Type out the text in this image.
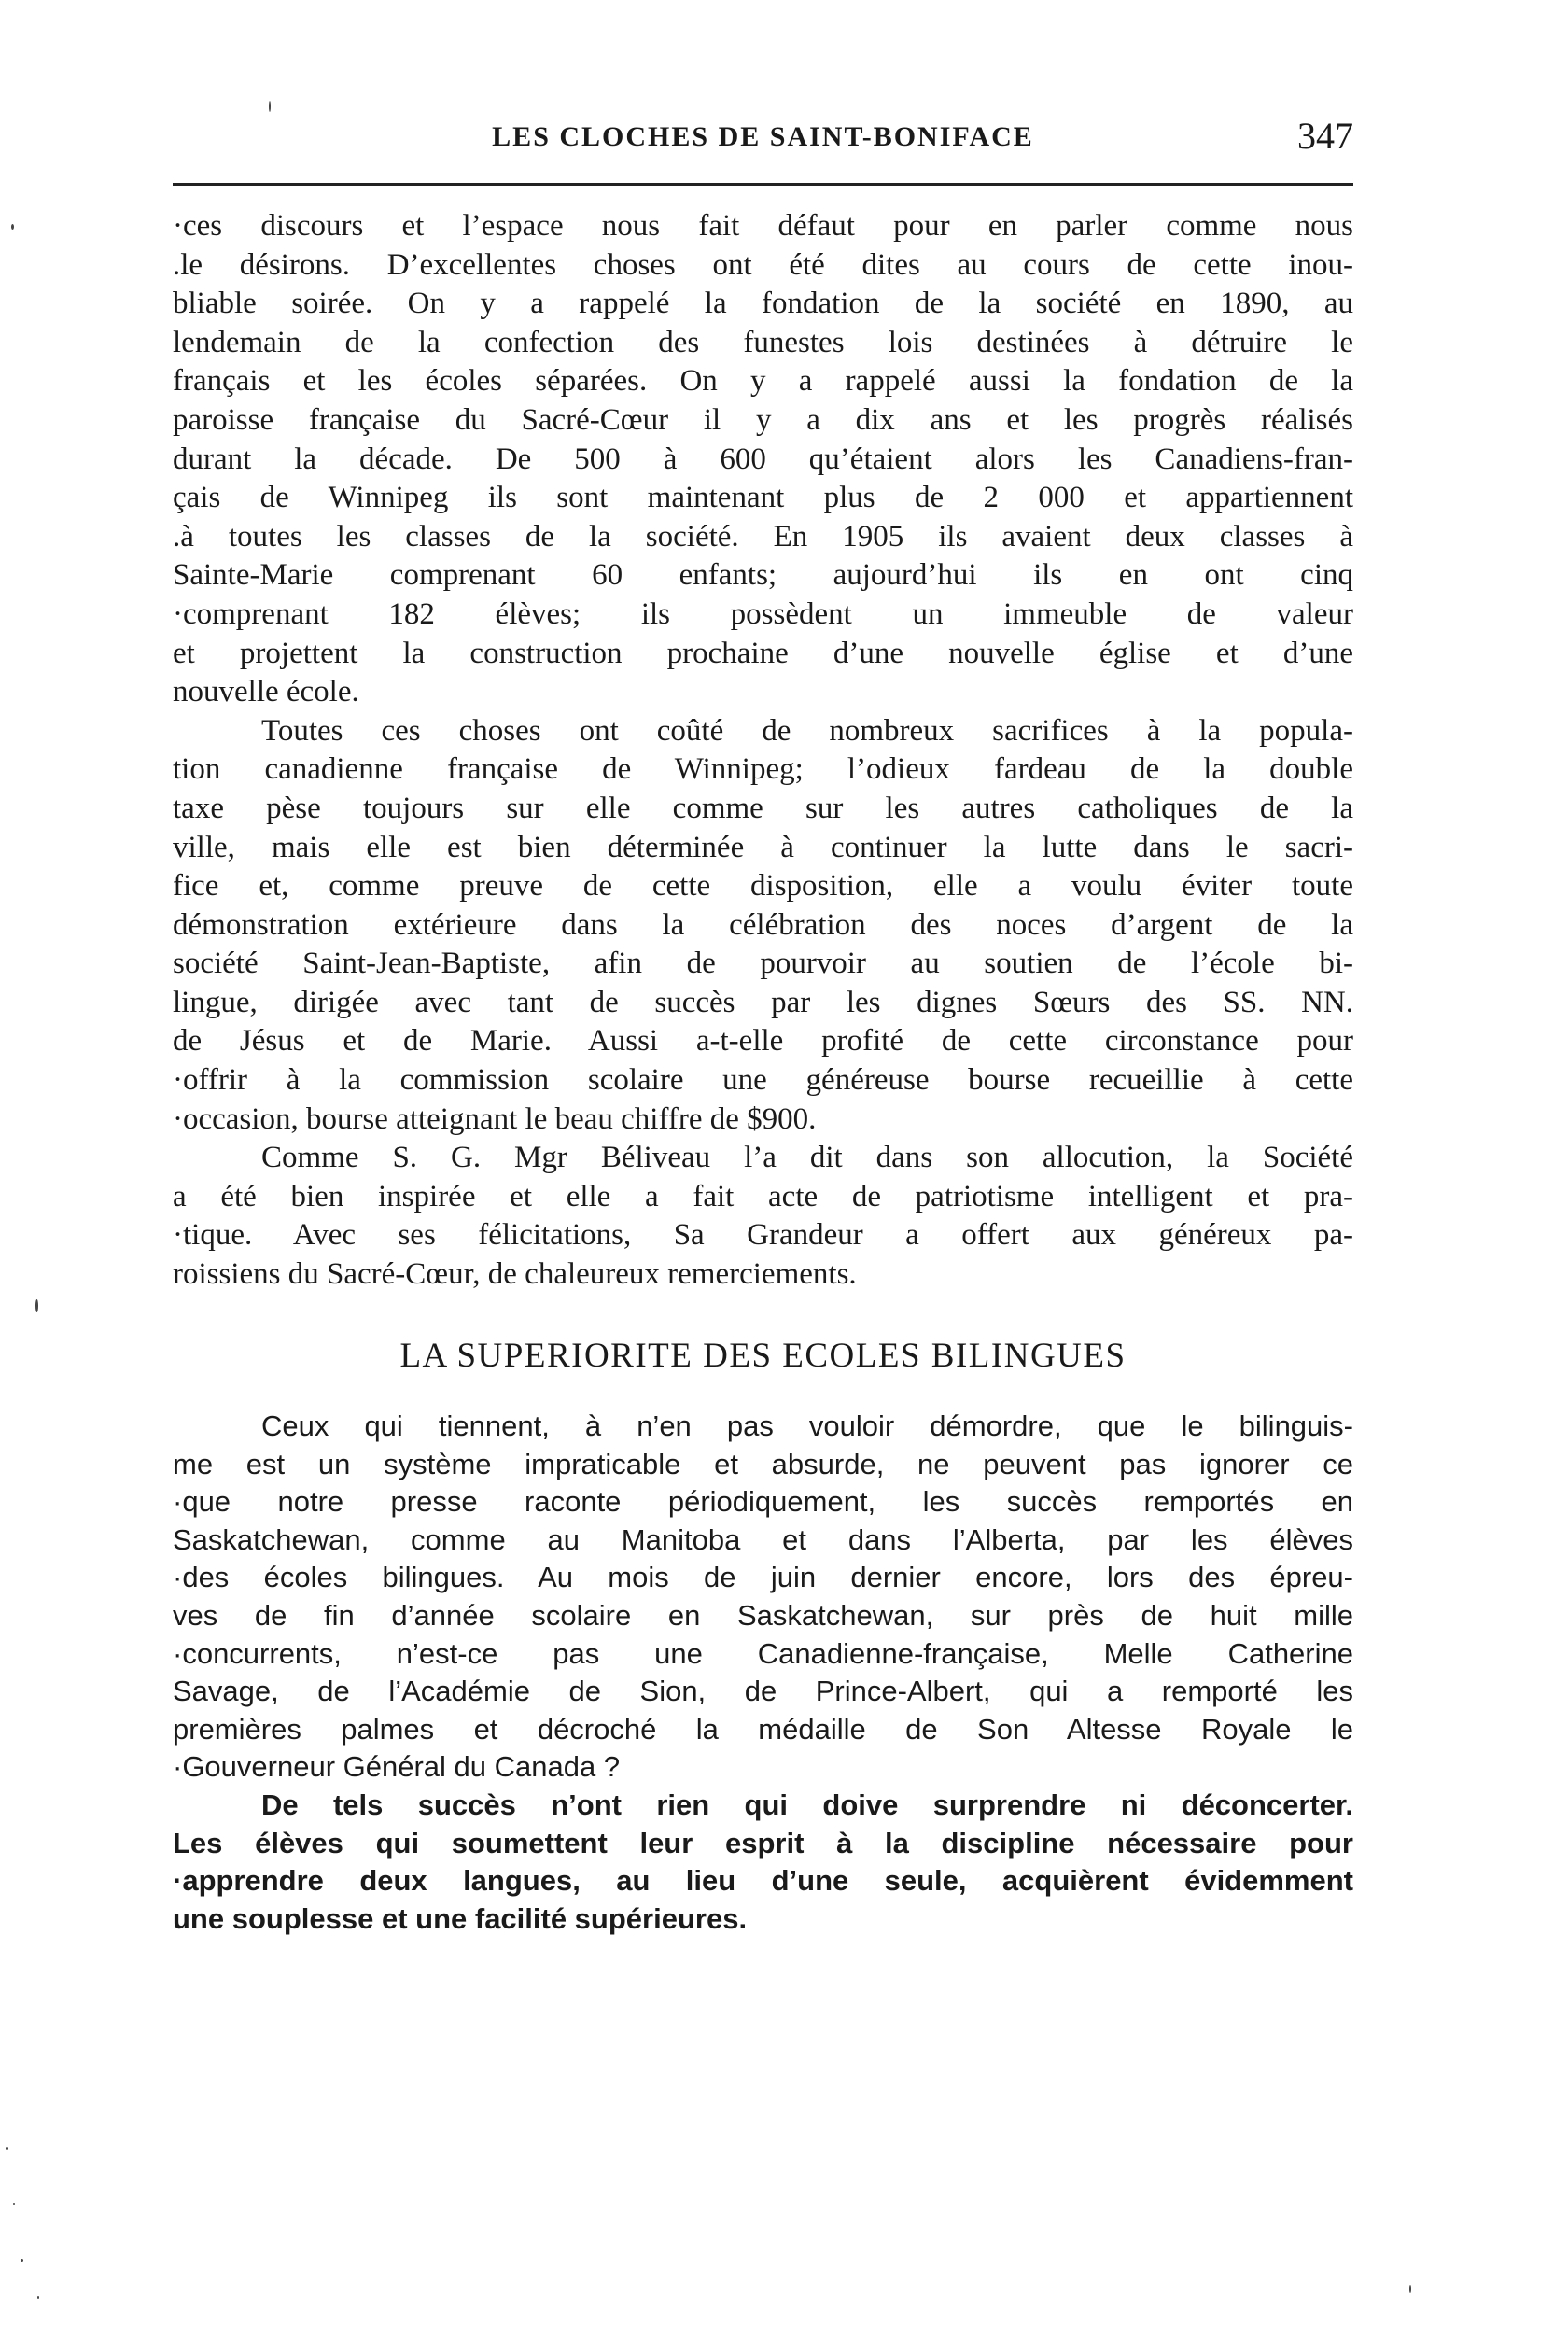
LES CLOCHES DE SAINT-BONIFACE	347
·ces discours et l’espace nous fait défaut pour en parler comme nous
.le désirons. D’excellentes choses ont été dites au cours de cette inou-
bliable soirée. On y a rappelé la fondation de la société en 1890, au
lendemain de la confection des funestes lois destinées à détruire le
français et les écoles séparées. On y a rappelé aussi la fondation de la
paroisse française du Sacré-Cœur il y a dix ans et les progrès réalisés
durant la décade. De 500 à 600 qu’étaient alors les Canadiens-fran-
çais de Winnipeg ils sont maintenant plus de 2 000 et appartiennent
.à toutes les classes de la société. En 1905 ils avaient deux classes à
Sainte-Marie comprenant 60 enfants; aujourd’hui ils en ont cinq
·comprenant 182 élèves; ils possèdent un immeuble de valeur
et projettent la construction prochaine d’une nouvelle église et d’une
nouvelle école.
Toutes ces choses ont coûté de nombreux sacrifices à la popula-
tion canadienne française de Winnipeg; l’odieux fardeau de la double
taxe pèse toujours sur elle comme sur les autres catholiques de la
ville, mais elle est bien déterminée à continuer la lutte dans le sacri-
fice et, comme preuve de cette disposition, elle a voulu éviter toute
démonstration extérieure dans la célébration des noces d’argent de la
société Saint-Jean-Baptiste, afin de pourvoir au soutien de l’école bi-
lingue, dirigée avec tant de succès par les dignes Sœurs des SS. NN.
de Jésus et de Marie. Aussi a-t-elle profité de cette circonstance pour
·offrir à la commission scolaire une généreuse bourse recueillie à cette
·occasion, bourse atteignant le beau chiffre de $900.
Comme S. G. Mgr Béliveau l’a dit dans son allocution, la Société
a été bien inspirée et elle a fait acte de patriotisme intelligent et pra-
·tique. Avec ses félicitations, Sa Grandeur a offert aux généreux pa-
roissiens du Sacré-Cœur, de chaleureux remerciements.
LA SUPERIORITE DES ECOLES BILINGUES
Ceux qui tiennent, à n’en pas vouloir démordre, que le bilinguis-
me est un système impraticable et absurde, ne peuvent pas ignorer ce
·que notre presse raconte périodiquement, les succès remportés en
Saskatchewan, comme au Manitoba et dans l’Alberta, par les élèves
·des écoles bilingues. Au mois de juin dernier encore, lors des épreu-
ves de fin d’année scolaire en Saskatchewan, sur près de huit mille
·concurrents, n’est-ce pas une Canadienne-française, Melle Catherine
Savage, de l’Académie de Sion, de Prince-Albert, qui a remporté les
premières palmes et décroché la médaille de Son Altesse Royale le
·Gouverneur Général du Canada ?
De tels succès n’ont rien qui doive surprendre ni déconcerter.
Les élèves qui soumettent leur esprit à la discipline nécessaire pour
·apprendre deux langues, au lieu d’une seule, acquièrent évidemment
une souplesse et une facilité supérieures.
